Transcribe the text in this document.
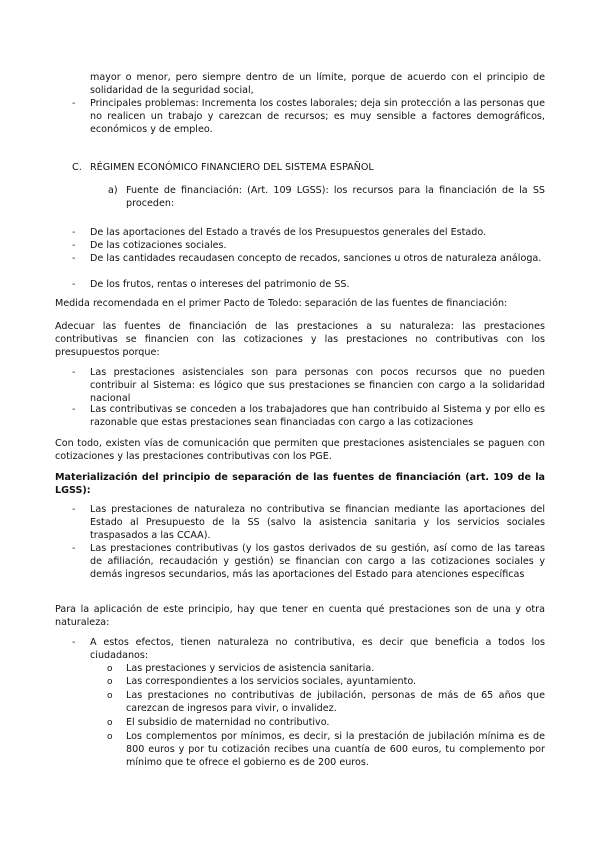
mayor o menor, pero siempre dentro de un límite, porque de acuerdo con el principio de solidaridad de la seguridad social,
- Principales problemas: Incrementa los costes laborales; deja sin protección a las personas que no realicen un trabajo y carezcan de recursos; es muy sensible a factores demográficos, económicos y de empleo.
C. RÉGIMEN ECONÓMICO FINANCIERO DEL SISTEMA ESPAÑOL
a) Fuente de financiación: (Art. 109 LGSS): los recursos para la financiación de la SS proceden:
- De las aportaciones del Estado a través de los Presupuestos generales del Estado.
- De las cotizaciones sociales.
- De las cantidades recaudasen concepto de recados, sanciones u otros de naturaleza análoga.
- De los frutos, rentas o intereses del patrimonio de SS.
Medida recomendada en el primer Pacto de Toledo: separación de las fuentes de financiación:
Adecuar las fuentes de financiación de las prestaciones a su naturaleza: las prestaciones contributivas se financien con las cotizaciones y las prestaciones no contributivas con los presupuestos porque:
- Las prestaciones asistenciales son para personas con pocos recursos que no pueden contribuir al Sistema: es lógico que sus prestaciones se financien con cargo a la solidaridad nacional
- Las contributivas se conceden a los trabajadores que han contribuido al Sistema y por ello es razonable que estas prestaciones sean financiadas con cargo a las cotizaciones
Con todo, existen vías de comunicación que permiten que prestaciones asistenciales se paguen con cotizaciones y las prestaciones contributivas con los PGE.
Materialización del principio de separación de las fuentes de financiación (art. 109 de la LGSS):
- Las prestaciones de naturaleza no contributiva se financian mediante las aportaciones del Estado al Presupuesto de la SS (salvo la asistencia sanitaria y los servicios sociales traspasados a las CCAA).
- Las prestaciones contributivas (y los gastos derivados de su gestión, así como de las tareas de afiliación, recaudación y gestión) se financian con cargo a las cotizaciones sociales y demás ingresos secundarios, más las aportaciones del Estado para atenciones específicas
Para la aplicación de este principio, hay que tener en cuenta qué prestaciones son de una y otra naturaleza:
- A estos efectos, tienen naturaleza no contributiva, es decir que beneficia a todos los ciudadanos:
o Las prestaciones y servicios de asistencia sanitaria.
o Las correspondientes a los servicios sociales, ayuntamiento.
o Las prestaciones no contributivas de jubilación, personas de más de 65 años que carezcan de ingresos para vivir, o invalidez.
o El subsidio de maternidad no contributivo.
o Los complementos por mínimos, es decir, si la prestación de jubilación mínima es de 800 euros y por tu cotización recibes una cuantía de 600 euros, tu complemento por mínimo que te ofrece el gobierno es de 200 euros.
